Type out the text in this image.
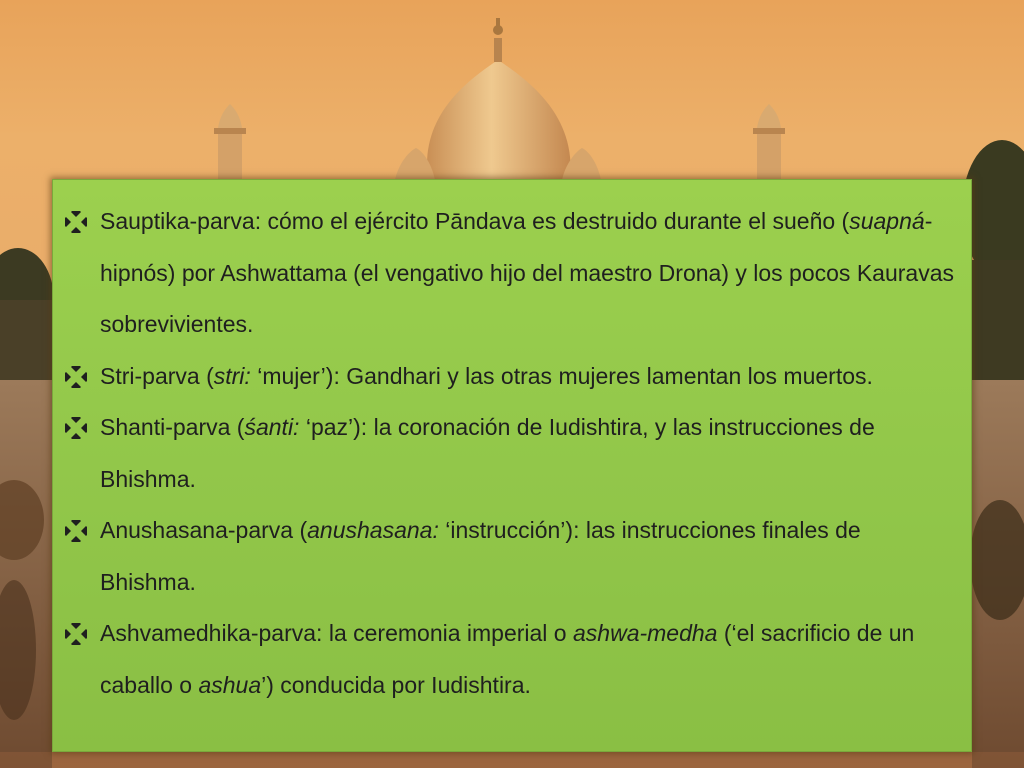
Sauptika-parva: cómo el ejército Pāndava es destruido durante el sueño (suapná-hipnós) por Ashwattama (el vengativo hijo del maestro Drona) y los pocos Kauravas sobrevivientes.
Stri-parva (stri: ‘mujer’): Gandhari y las otras mujeres lamentan los muertos.
Shanti-parva (śanti: ‘paz’): la coronación de Iudishtira, y las instrucciones de Bhishma.
Anushasana-parva (anushasana: ‘instrucción’): las instrucciones finales de Bhishma.
Ashvamedhika-parva: la ceremonia imperial o ashwa-medha (‘el sacrificio de un caballo o ashua’) conducida por Iudishtira.
